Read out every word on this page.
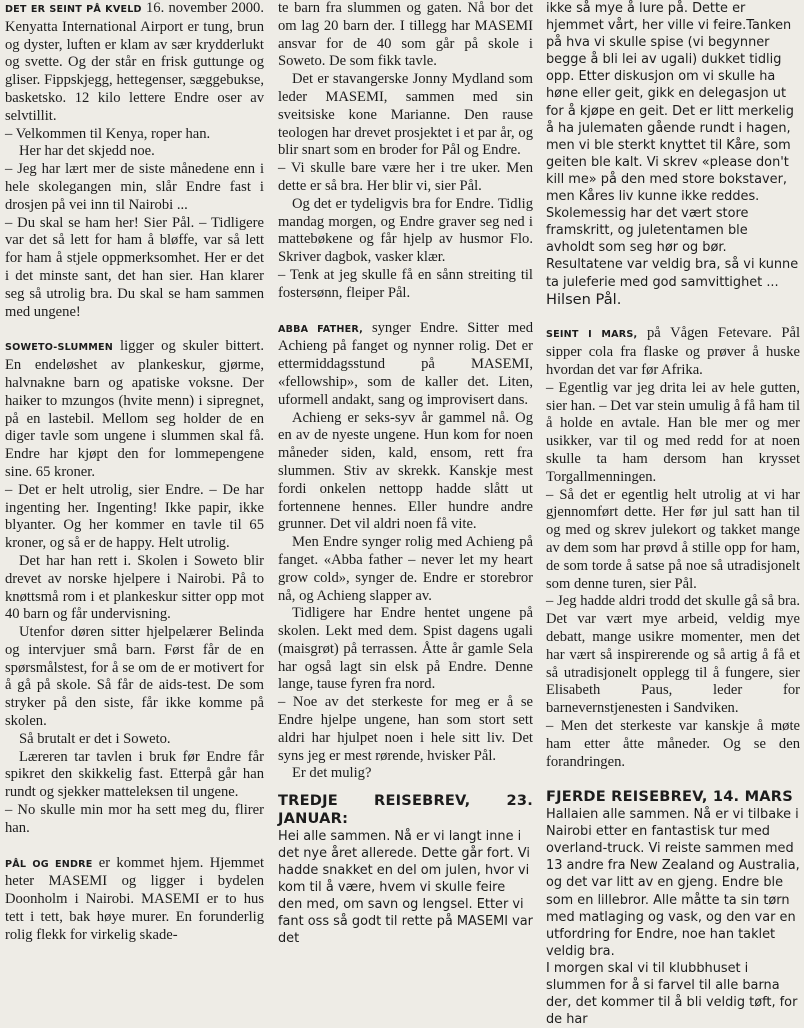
DET ER SEINT PÅ KVELD 16. november 2000. Kenyatta International Airport er tung, brun og dyster, luften er klam av sær krydderlukt og svette. Og der står en frisk guttunge og gliser. Fippskjegg, hettegenser, sæggebukse, basketsko. 12 kilo lettere Endre oser av selvtillit.

– Velkommen til Kenya, roper han.

Her har det skjedd noe.

– Jeg har lært mer de siste månedene enn i hele skolegangen min, slår Endre fast i drosjen på vei inn til Nairobi ...

– Du skal se ham her! Sier Pål. – Tidligere var det så lett for ham å bløffe, var så lett for ham å stjele oppmerksomhet. Her er det i det minste sant, det han sier. Han klarer seg så utrolig bra. Du skal se ham sammen med ungene!

SOWETO-SLUMMEN ligger og skuler bittert. En endeløshet av plankeskur, gjørme, halvnakne barn og apatiske voksne. Der haiker to mzungos (hvite menn) i sipregnet, på en lastebil. Mellom seg holder de en diger tavle som ungene i slummen skal få. Endre har kjøpt den for lommepengene sine. 65 kroner.

– Det er helt utrolig, sier Endre. – De har ingenting her. Ingenting! Ikke papir, ikke blyanter. Og her kommer en tavle til 65 kroner, og så er de happy. Helt utrolig.

Det har han rett i. Skolen i Soweto blir drevet av norske hjelpere i Nairobi. På to knøttsmå rom i et plankeskur sitter opp mot 40 barn og får undervisning.

Utenfor døren sitter hjelpelærer Belinda og intervjuer små barn. Først får de en spørsmålstest, for å se om de er motivert for å gå på skole. Så får de aids-test. De som stryker på den siste, får ikke komme på skolen.

Så brutalt er det i Soweto.

Læreren tar tavlen i bruk før Endre får spikret den skikkelig fast. Etterpå går han rundt og sjekker matteleksen til ungene.

– No skulle min mor ha sett meg du, flirer han.

PÅL OG ENDRE er kommet hjem. Hjemmet heter MASEMI og ligger i bydelen Doonholm i Nairobi. MASEMI er to hus tett i tett, bak høye murer. En forunderlig rolig flekk for virkelig skade-

te barn fra slummen og gaten. Nå bor det om lag 20 barn der. I tillegg har MASEMI ansvar for de 40 som går på skole i Soweto. De som fikk tavle.

Det er stavangerske Jonny Mydland som leder MASEMI, sammen med sin sveitsiske kone Marianne. Den rause teologen har drevet prosjektet i et par år, og blir snart som en broder for Pål og Endre.

– Vi skulle bare være her i tre uker. Men dette er så bra. Her blir vi, sier Pål.

Og det er tydeligvis bra for Endre. Tidlig mandag morgen, og Endre graver seg ned i mattebøkene og får hjelp av husmor Flo. Skriver dagbok, vasker klær.

– Tenk at jeg skulle få en sånn streiting til fostersønn, fleiper Pål.

ABBA FATHER, synger Endre. Sitter med Achieng på fanget og nynner rolig. Det er ettermiddagsstund på MASEMI, «fellowship», som de kaller det. Liten, uformell andakt, sang og improvisert dans.

Achieng er seks-syv år gammel nå. Og en av de nyeste ungene. Hun kom for noen måneder siden, kald, ensom, rett fra slummen. Stiv av skrekk. Kanskje mest fordi onkelen nettopp hadde slått ut fortennene hennes. Eller hundre andre grunner. Det vil aldri noen få vite.

Men Endre synger rolig med Achieng på fanget. «Abba father – never let my heart grow cold», synger de. Endre er storebror nå, og Achieng slapper av.

Tidligere har Endre hentet ungene på skolen. Lekt med dem. Spist dagens ugali (maisgrøt) på terrassen. Åtte år gamle Sela har også lagt sin elsk på Endre. Denne lange, tause fyren fra nord.

– Noe av det sterkeste for meg er å se Endre hjelpe ungene, han som stort sett aldri har hjulpet noen i hele sitt liv. Det syns jeg er mest rørende, hvisker Pål.

Er det mulig?

TREDJE REISEBREV, 23. JANUAR:

Hei alle sammen. Nå er vi langt inne i det nye året allerede. Dette går fort. Vi hadde snakket en del om julen, hvor vi kom til å være, hvem vi skulle feire den med, om savn og lengsel. Etter vi fant oss så godt til rette på MASEMI var det

ikke så mye å lure på. Dette er hjemmet vårt, her ville vi feire.Tanken på hva vi skulle spise (vi begynner begge å bli lei av ugali) dukket tidlig opp. Etter diskusjon om vi skulle ha høne eller geit, gikk en delegasjon ut for å kjøpe en geit. Det er litt merkelig å ha julematen gående rundt i hagen, men vi ble sterkt knyttet til Kåre, som geiten ble kalt. Vi skrev «please don't kill me» på den med store bokstaver, men Kåres liv kunne ikke reddes.

Skolemessig har det vært store framskritt, og juletentamen ble avholdt som seg hør og bør. Resultatene var veldig bra, så vi kunne ta juleferie med god samvittighet ...

Hilsen Pål.

SEINT I MARS, på Vågen Fetevare. Pål sipper cola fra flaske og prøver å huske hvordan det var før Afrika.

– Egentlig var jeg drita lei av hele gutten, sier han. – Det var stein umulig å få ham til å holde en avtale. Han ble mer og mer usikker, var til og med redd for at noen skulle ta ham dersom han krysset Torgallmenningen.

– Så det er egentlig helt utrolig at vi har gjennomført dette. Her før jul satt han til og med og skrev julekort og takket mange av dem som har prøvd å stille opp for ham, de som torde å satse på noe så utradisjonelt som denne turen, sier Pål.

– Jeg hadde aldri trodd det skulle gå så bra. Det var vært mye arbeid, veldig mye debatt, mange usikre momenter, men det har vært så inspirerende og så artig å få et så utradisjonelt opplegg til å fungere, sier Elisabeth Paus, leder for barnevernstjenesten i Sandviken.

– Men det sterkeste var kanskje å møte ham etter åtte måneder. Og se den forandringen.

FJERDE REISEBREV, 14. MARS

Hallaien alle sammen. Nå er vi tilbake i Nairobi etter en fantastisk tur med overland-truck. Vi reiste sammen med 13 andre fra New Zealand og Australia, og det var litt av en gjeng. Endre ble som en lillebror. Alle måtte ta sin tørn med matlaging og vask, og den var en utfordring for Endre, noe han taklet veldig bra.

I morgen skal vi til klubbhuset i slummen for å si farvel til alle barna der, det kommer til å bli veldig tøft, for de har
